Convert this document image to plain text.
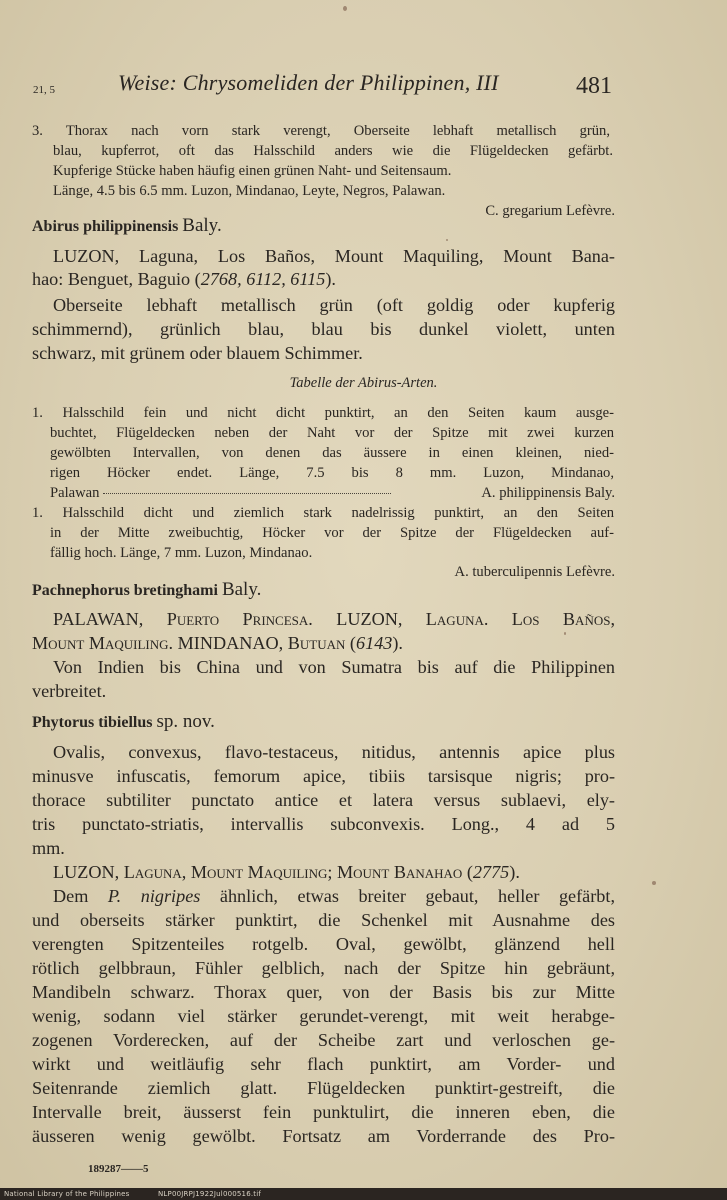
21, 5	Weise: Chrysomeliden der Philippinen, III	481
3. Thorax nach vorn stark verengt, Oberseite lebhaft metallisch grün,
blau, kupferrot, oft das Halsschild anders wie die Flügeldecken gefärbt.
Kupferige Stücke haben häufig einen grünen Naht- und Seitensaum.
Länge, 4.5 bis 6.5 mm. Luzon, Mindanao, Leyte, Negros, Palawan.
C. gregarium Lefèvre.
Abirus philippinensis Baly.
LUZON, Laguna, Los Baños, Mount Maquiling, Mount Bana-
hao: Benguet, Baguio (2768, 6112, 6115).
Oberseite lebhaft metallisch grün (oft goldig oder kupferig
schimmernd), grünlich blau, blau bis dunkel violett, unten
schwarz, mit grünem oder blauem Schimmer.
Tabelle der Abirus-Arten.
1. Halsschild fein und nicht dicht punktirt, an den Seiten kaum ausge-
buchtet, Flügeldecken neben der Naht vor der Spitze mit zwei kurzen
gewölbten Intervallen, von denen das äussere in einen kleinen, nied-
rigen Höcker endet. Länge, 7.5 bis 8 mm. Luzon, Mindanao,
Palawan	A. philippinensis Baly.
1. Halsschild dicht und ziemlich stark nadelrissig punktirt, an den Seiten
in der Mitte zweibuchtig, Höcker vor der Spitze der Flügeldecken auf-
fällig hoch. Länge, 7 mm. Luzon, Mindanao.
A. tuberculipennis Lefèvre.
Pachnephorus bretinghami Baly.
PALAWAN, Puerto Princesa. LUZON, Laguna. Los Baños,
Mount Maquiling. MINDANAO, Butuan (6143).
Von Indien bis China und von Sumatra bis auf die Philippinen
verbreitet.
Phytorus tibiellus sp. nov.
Ovalis, convexus, flavo-testaceus, nitidus, antennis apice plus
minusve infuscatis, femorum apice, tibiis tarsisque nigris; pro-
thorace subtiliter punctato antice et latera versus sublaevi, ely-
tris punctato-striatis, intervallis subconvexis. Long., 4 ad 5
mm.
LUZON, Laguna, Mount Maquiling; Mount Banahao (2775).
Dem P. nigripes ähnlich, etwas breiter gebaut, heller gefärbt,
und oberseits stärker punktirt, die Schenkel mit Ausnahme des
verengten Spitzenteiles rotgelb. Oval, gewölbt, glänzend hell
rötlich gelbbraun, Fühler gelblich, nach der Spitze hin gebräunt,
Mandibeln schwarz. Thorax quer, von der Basis bis zur Mitte
wenig, sodann viel stärker gerundet-verengt, mit weit herabge-
zogenen Vorderecken, auf der Scheibe zart und verloschen ge-
wirkt und weitläufig sehr flach punktirt, am Vorder- und
Seitenrande ziemlich glatt. Flügeldecken punktirt-gestreift, die
Intervalle breit, äusserst fein punktulirt, die inneren eben, die
äusseren wenig gewölbt. Fortsatz am Vorderrande des Pro-
189287——5
National Library of the Philippines	NLP00JRPJ1922Jul000516.tif
